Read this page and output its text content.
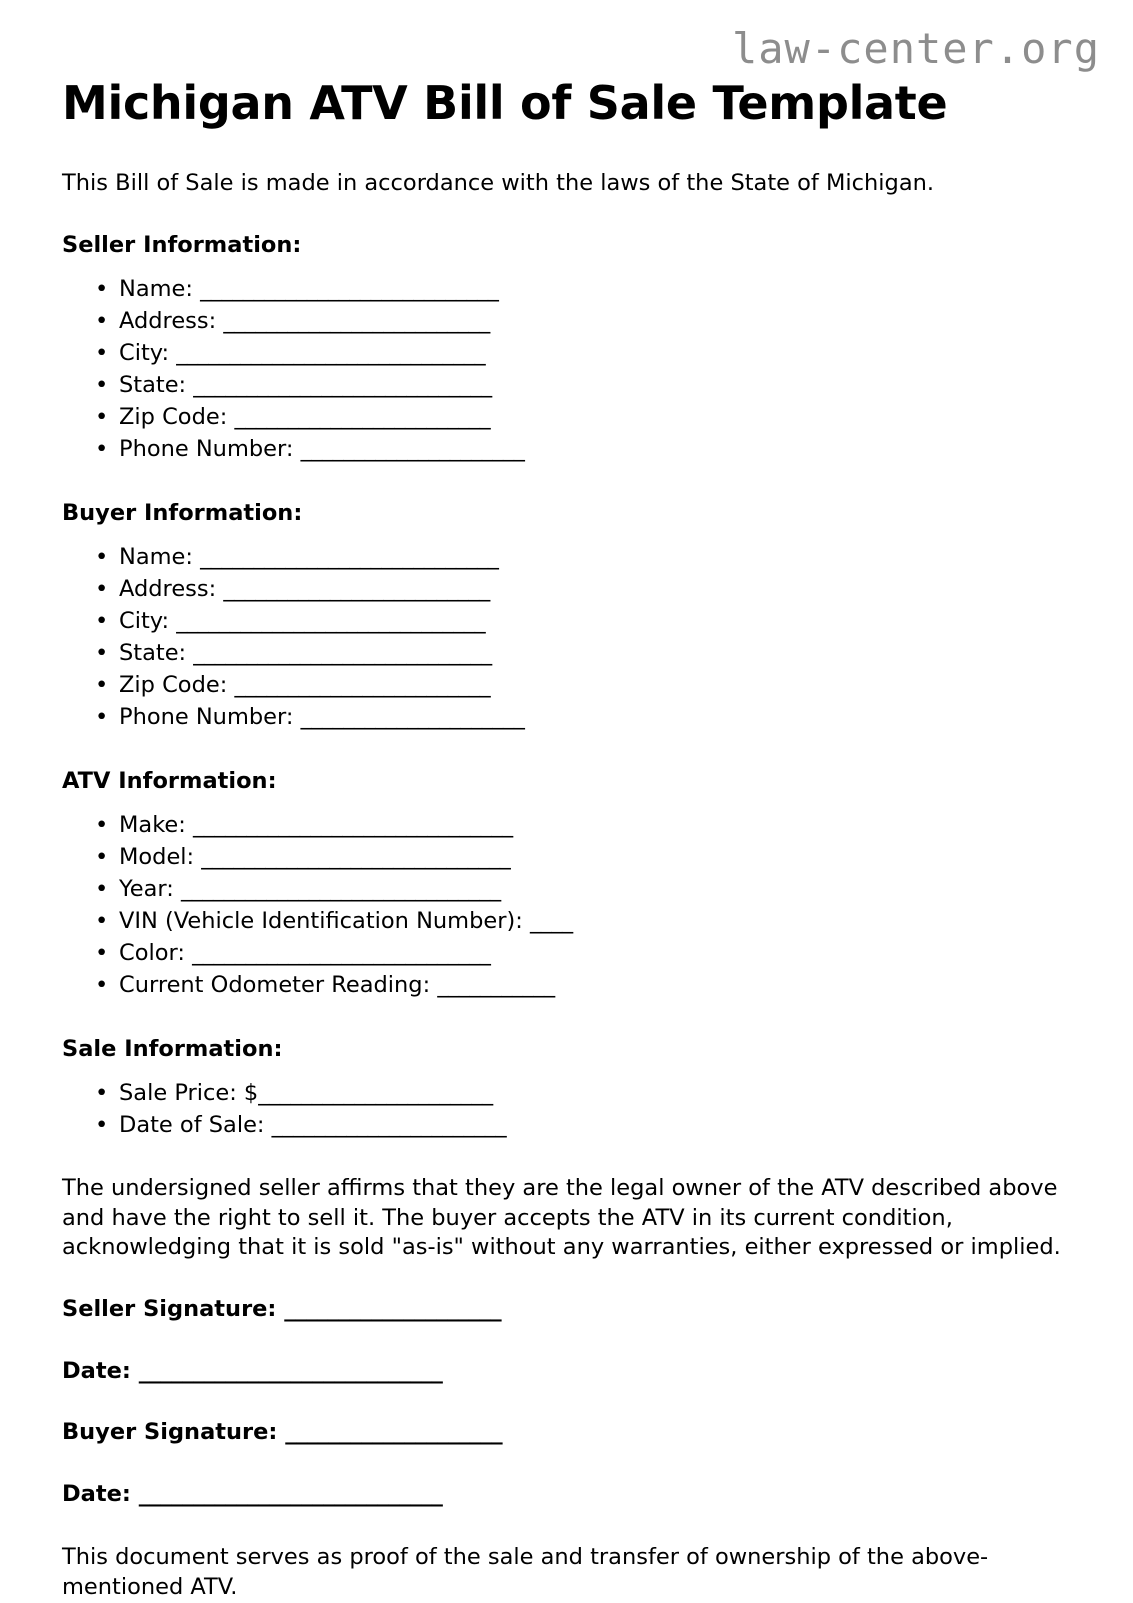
law-center.org
Michigan ATV Bill of Sale Template

This Bill of Sale is made in accordance with the laws of the State of Michigan.

Seller Information:
• Name: ____________________________
• Address: _________________________
• City: _____________________________
• State: ____________________________
• Zip Code: ________________________
• Phone Number: _____________________
Buyer Information:
• Name: ____________________________
• Address: _________________________
• City: _____________________________
• State: ____________________________
• Zip Code: ________________________
• Phone Number: _____________________
ATV Information:
• Make: ______________________________
• Model: _____________________________
• Year: ______________________________
• VIN (Vehicle Identification Number): ____
• Color: ____________________________
• Current Odometer Reading: ___________
Sale Information:
• Sale Price: $______________________
• Date of Sale: ______________________

The undersigned seller affirms that they are the legal owner of the ATV described above and have the right to sell it. The buyer accepts the ATV in its current condition, acknowledging that it is sold "as-is" without any warranties, either expressed or implied.

Seller Signature: ____________________
Date: ____________________________
Buyer Signature: ____________________
Date: ____________________________

This document serves as proof of the sale and transfer of ownership of the above-mentioned ATV.
